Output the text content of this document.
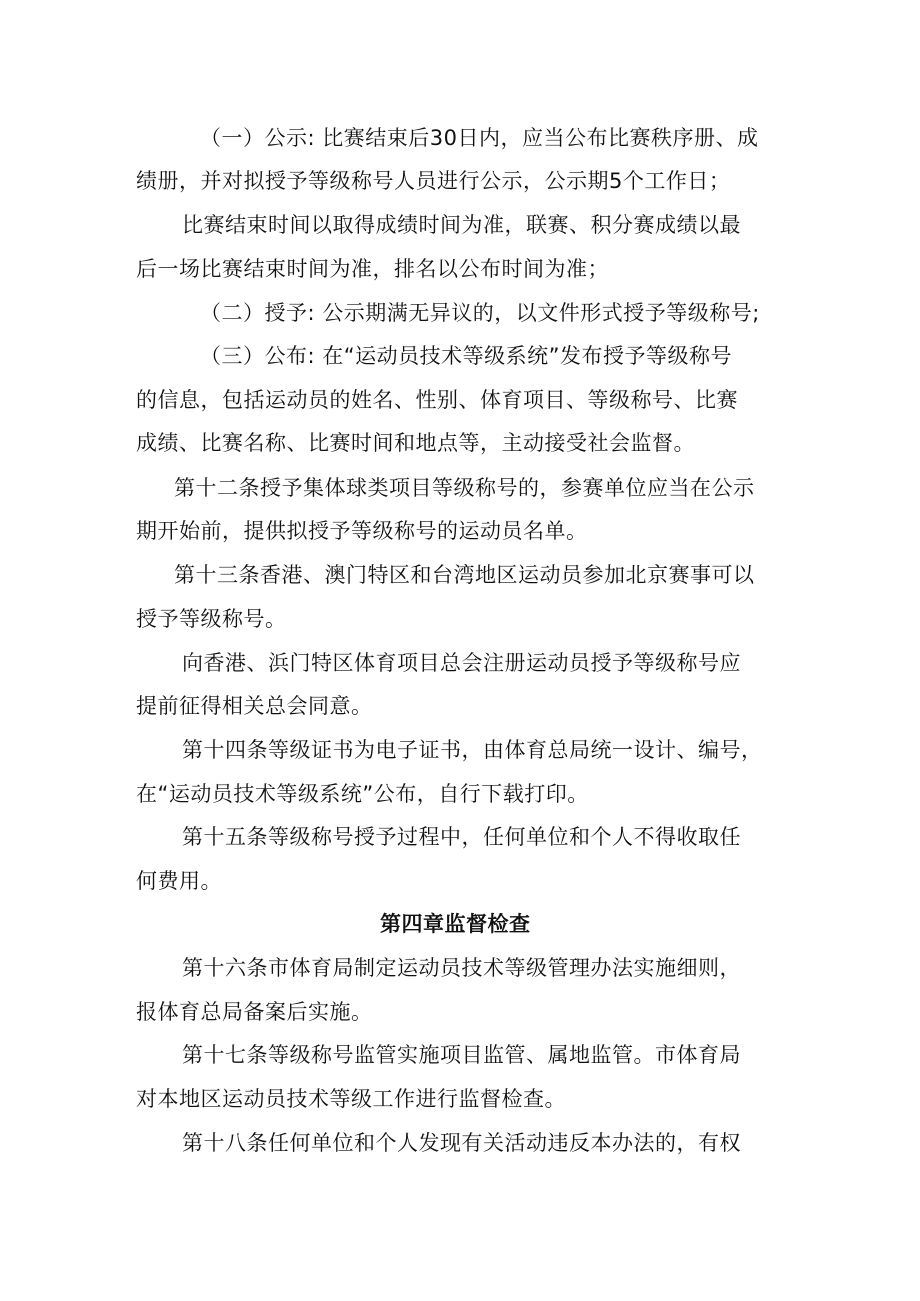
（一）公示: 比赛结束后30日内，应当公布比赛秩序册、成

绩册，并对拟授予等级称号人员进行公示，公示期5个工作日；

比赛结束时间以取得成绩时间为准，联赛、积分赛成绩以最

后一场比赛结束时间为准，排名以公布时间为准；

（二）授予: 公示期满无异议的，以文件形式授予等级称号;

（三）公布: 在“运动员技术等级系统”发布授予等级称号

的信息，包括运动员的姓名、性别、体育项目、等级称号、比赛

成绩、比赛名称、比赛时间和地点等，主动接受社会监督。

第十二条授予集体球类项目等级称号的，参赛单位应当在公示

期开始前，提供拟授予等级称号的运动员名单。

第十三条香港、澳门特区和台湾地区运动员参加北京赛事可以

授予等级称号。

向香港、浜门特区体育项目总会注册运动员授予等级称号应

提前征得相关总会同意。

第十四条等级证书为电子证书，由体育总局统一设计、编号，

在“运动员技术等级系统”公布，自行下载打印。

第十五条等级称号授予过程中，任何单位和个人不得收取任

何费用。

第四章监督检查

第十六条市体育局制定运动员技术等级管理办法实施细则，

报体育总局备案后实施。

第十七条等级称号监管实施项目监管、属地监管。市体育局

对本地区运动员技术等级工作进行监督检查。

第十八条任何单位和个人发现有关活动违反本办法的，有权
